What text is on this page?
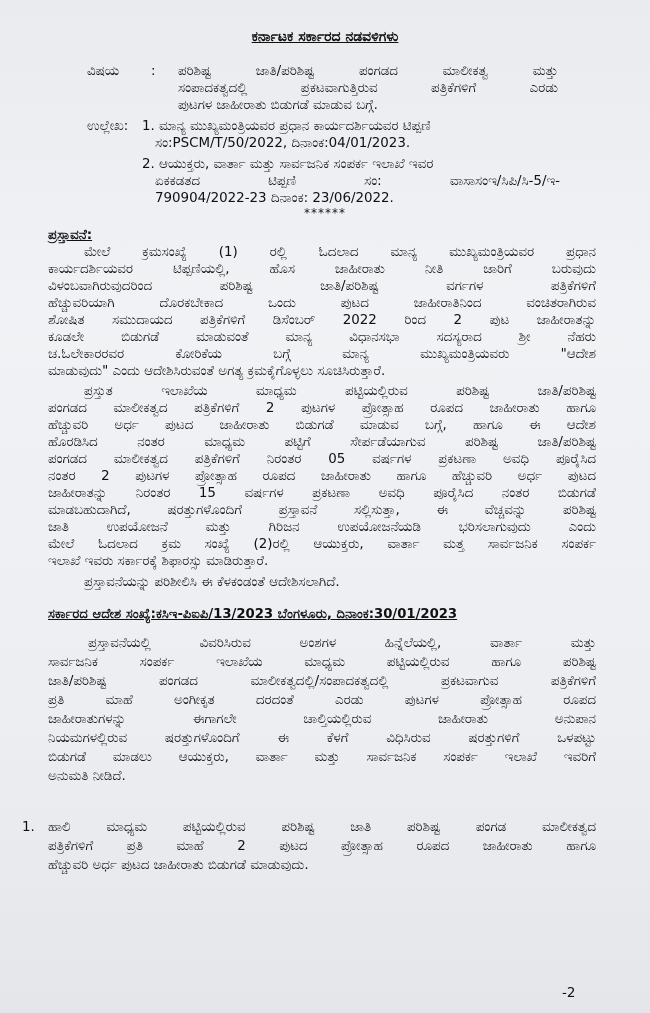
ಕರ್ನಾಟಕ ಸರ್ಕಾರದ ನಡವಳಿಗಳು
ವಿಷಯ : ಪರಿಶಿಷ್ಟ ಜಾತಿ/ಪರಿಶಿಷ್ಟ ಪಂಗಡದ ಮಾಲೀಕತ್ವ ಮತ್ತು
ಸಂಪಾದಕತ್ವದಲ್ಲಿ ಪ್ರಕಟವಾಗುತ್ತಿರುವ ಪತ್ರಿಕೆಗಳಿಗೆ ಎರಡು
ಪುಟಗಳ ಜಾಹೀರಾತು ಬಿಡುಗಡೆ ಮಾಡುವ ಬಗ್ಗೆ.
ಉಲ್ಲೇಖ: 1. ಮಾನ್ಯ ಮುಖ್ಯಮಂತ್ರಿಯವರ ಪ್ರಧಾನ ಕಾರ್ಯದರ್ಶಿಯವರ ಟಿಪ್ಪಣಿ
ಸಂ:PSCM/T/50/2022, ದಿನಾಂಕ:04/01/2023.
2. ಆಯುಕ್ತರು, ವಾರ್ತಾ ಮತ್ತು ಸಾರ್ವಜನಿಕ ಸಂಪರ್ಕ ಇಲಾಖೆ ಇವರ
ಏಕಕಡತದ ಟಿಪ್ಪಣಿ ಸಂ: ವಾಸಾಸಂಇ/ಸಿಪಿ/ಸಿ-5/ಇ-
790904/2022-23 ದಿನಾಂಕ: 23/06/2022.
******
ಪ್ರಸ್ತಾವನೆ:
ಮೇಲೆ ಕ್ರಮಸಂಖ್ಯೆ (1) ರಲ್ಲಿ ಓದಲಾದ ಮಾನ್ಯ ಮುಖ್ಯಮಂತ್ರಿಯವರ ಪ್ರಧಾನ
ಕಾರ್ಯದರ್ಶಿಯವರ ಟಿಪ್ಪಣಿಯಲ್ಲಿ, ಹೊಸ ಜಾಹೀರಾತು ನೀತಿ ಜಾರಿಗೆ ಬರುವುದು
ವಿಳಂಬವಾಗಿರುವುದರಿಂದ ಪರಿಶಿಷ್ಟ ಜಾತಿ/ಪರಿಶಿಷ್ಟ ವರ್ಗಗಳ ಪತ್ರಿಕೆಗಳಿಗೆ
ಹೆಚ್ಚುವರಿಯಾಗಿ ದೊರಕಬೇಕಾದ ಒಂದು ಪುಟದ ಜಾಹೀರಾತಿನಿಂದ ವಂಚಿತರಾಗಿರುವ
ಶೋಷಿತ ಸಮುದಾಯದ ಪತ್ರಿಕೆಗಳಿಗೆ ಡಿಸೆಂಬರ್ 2022 ರಿಂದ 2 ಪುಟ ಜಾಹೀರಾತನ್ನು
ಕೂಡಲೇ ಬಿಡುಗಡೆ ಮಾಡುವಂತೆ ಮಾನ್ಯ ವಿಧಾನಸಭಾ ಸದಸ್ಯರಾದ ಶ್ರೀ ನೆಹರು
ಚ.ಓಲೇಕಾರರವರ ಕೋರಿಕೆಯ ಬಗ್ಗೆ ಮಾನ್ಯ ಮುಖ್ಯಮಂತ್ರಿಯವರು "ಆದೇಶ
ಮಾಡುವುದು" ಎಂದು ಆದೇಶಿಸಿರುವಂತೆ ಅಗತ್ಯ ಕ್ರಮಕೈಗೊಳ್ಳಲು ಸೂಚಿಸಿರುತ್ತಾರೆ.
ಪ್ರಸ್ತುತ ಇಲಾಖೆಯ ಮಾಧ್ಯಮ ಪಟ್ಟಿಯಲ್ಲಿರುವ ಪರಿಶಿಷ್ಟ ಜಾತಿ/ಪರಿಶಿಷ್ಟ
ಪಂಗಡದ ಮಾಲೀಕತ್ವದ ಪತ್ರಿಕೆಗಳಿಗೆ 2 ಪುಟಗಳ ಪ್ರೋತ್ಸಾಹ ರೂಪದ ಜಾಹೀರಾತು ಹಾಗೂ
ಹೆಚ್ಚುವರಿ ಅರ್ಧ ಪುಟದ ಜಾಹೀರಾತು ಬಿಡುಗಡೆ ಮಾಡುವ ಬಗ್ಗೆ, ಹಾಗೂ ಈ ಆದೇಶ
ಹೊರಡಿಸಿದ ನಂತರ ಮಾಧ್ಯಮ ಪಟ್ಟಿಗೆ ಸೇರ್ಪಡೆಯಾಗುವ ಪರಿಶಿಷ್ಟ ಜಾತಿ/ಪರಿಶಿಷ್ಟ
ಪಂಗಡದ ಮಾಲೀಕತ್ವದ ಪತ್ರಿಕೆಗಳಿಗೆ ನಿರಂತರ 05 ವರ್ಷಗಳ ಪ್ರಕಟಣಾ ಅವಧಿ ಪೂರೈಸಿದ
ನಂತರ 2 ಪುಟಗಳ ಪ್ರೋತ್ಸಾಹ ರೂಪದ ಜಾಹೀರಾತು ಹಾಗೂ ಹೆಚ್ಚುವರಿ ಅರ್ಧ ಪುಟದ
ಜಾಹೀರಾತನ್ನು ನಿರಂತರ 15 ವರ್ಷಗಳ ಪ್ರಕಟಣಾ ಅವಧಿ ಪೂರೈಸಿದ ನಂತರ ಬಿಡುಗಡೆ
ಮಾಡಬಹುದಾಗಿದೆ, ಷರತ್ತುಗಳೊಂದಿಗೆ ಪ್ರಸ್ತಾವನೆ ಸಲ್ಲಿಸುತ್ತಾ, ಈ ವೆಚ್ಚವನ್ನು ಪರಿಶಿಷ್ಟ
ಜಾತಿ ಉಪಯೋಜನೆ ಮತ್ತು ಗಿರಿಜನ ಉಪಯೋಜನೆಯಡಿ ಭರಿಸಲಾಗುವುದು ಎಂದು
ಮೇಲೆ ಓದಲಾದ ಕ್ರಮ ಸಂಖ್ಯೆ (2)ರಲ್ಲಿ ಆಯುಕ್ತರು, ವಾರ್ತಾ ಮತ್ತ ಸಾರ್ವಜನಿಕ ಸಂಪರ್ಕ
ಇಲಾಖೆ ಇವರು ಸರ್ಕಾರಕ್ಕೆ ಶಿಫಾರಸ್ಸು ಮಾಡಿರುತ್ತಾರೆ.
ಪ್ರಸ್ತಾವನೆಯನ್ನು ಪರಿಶೀಲಿಸಿ ಈ ಕೆಳಕಂಡಂತೆ ಆದೇಶಿಸಲಾಗಿದೆ.
ಸರ್ಕಾರದ ಆದೇಶ ಸಂಖ್ಯೆ:ಕಸಿಇ-ಪಿಐಪಿ/13/2023 ಬೆಂಗಳೂರು, ದಿನಾಂಕ:30/01/2023
ಪ್ರಸ್ತಾವನೆಯಲ್ಲಿ ವಿವರಿಸಿರುವ ಅಂಶಗಳ ಹಿನ್ನೆಲೆಯಲ್ಲಿ, ವಾರ್ತಾ ಮತ್ತು
ಸಾರ್ವಜನಿಕ ಸಂಪರ್ಕ ಇಲಾಖೆಯ ಮಾಧ್ಯಮ ಪಟ್ಟಿಯಲ್ಲಿರುವ ಹಾಗೂ ಪರಿಶಿಷ್ಟ
ಜಾತಿ/ಪರಿಶಿಷ್ಟ ಪಂಗಡದ ಮಾಲೀಕತ್ವದಲ್ಲಿ/ಸಂಪಾದಕತ್ವದಲ್ಲಿ ಪ್ರಕಟವಾಗುವ ಪತ್ರಿಕೆಗಳಿಗೆ
ಪ್ರತಿ ಮಾಹೆ ಅಂಗೀಕೃತ ದರದಂತೆ ಎರಡು ಪುಟಗಳ ಪ್ರೋತ್ಸಾಹ ರೂಪದ
ಜಾಹೀರಾತುಗಳನ್ನು ಈಗಾಗಲೇ ಚಾಲ್ತಿಯಲ್ಲಿರುವ ಜಾಹೀರಾತು ಅನುಪಾನ
ನಿಯಮಗಳಲ್ಲಿರುವ ಷರತ್ತುಗಳೊಂದಿಗೆ ಈ ಕೆಳಗೆ ವಿಧಿಸಿರುವ ಷರತ್ತುಗಳಿಗೆ ಒಳಪಟ್ಟು
ಬಿಡುಗಡೆ ಮಾಡಲು ಆಯುಕ್ತರು, ವಾರ್ತಾ ಮತ್ತು ಸಾರ್ವಜನಿಕ ಸಂಪರ್ಕ ಇಲಾಖೆ ಇವರಿಗೆ
ಅನುಮತಿ ನೀಡಿದೆ.
1. ಹಾಲಿ ಮಾಧ್ಯಮ ಪಟ್ಟಿಯಲ್ಲಿರುವ ಪರಿಶಿಷ್ಟ ಜಾತಿ ಪರಿಶಿಷ್ಟ ಪಂಗಡ ಮಾಲೀಕತ್ವದ
ಪತ್ರಿಕೆಗಳಿಗೆ ಪ್ರತಿ ಮಾಹೆ 2 ಪುಟದ ಪ್ರೋತ್ಸಾಹ ರೂಪದ ಜಾಹೀರಾತು ಹಾಗೂ
ಹೆಚ್ಚುವರಿ ಅರ್ಧ ಪುಟದ ಜಾಹೀರಾತು ಬಿಡುಗಡೆ ಮಾಡುವುದು.
-2
